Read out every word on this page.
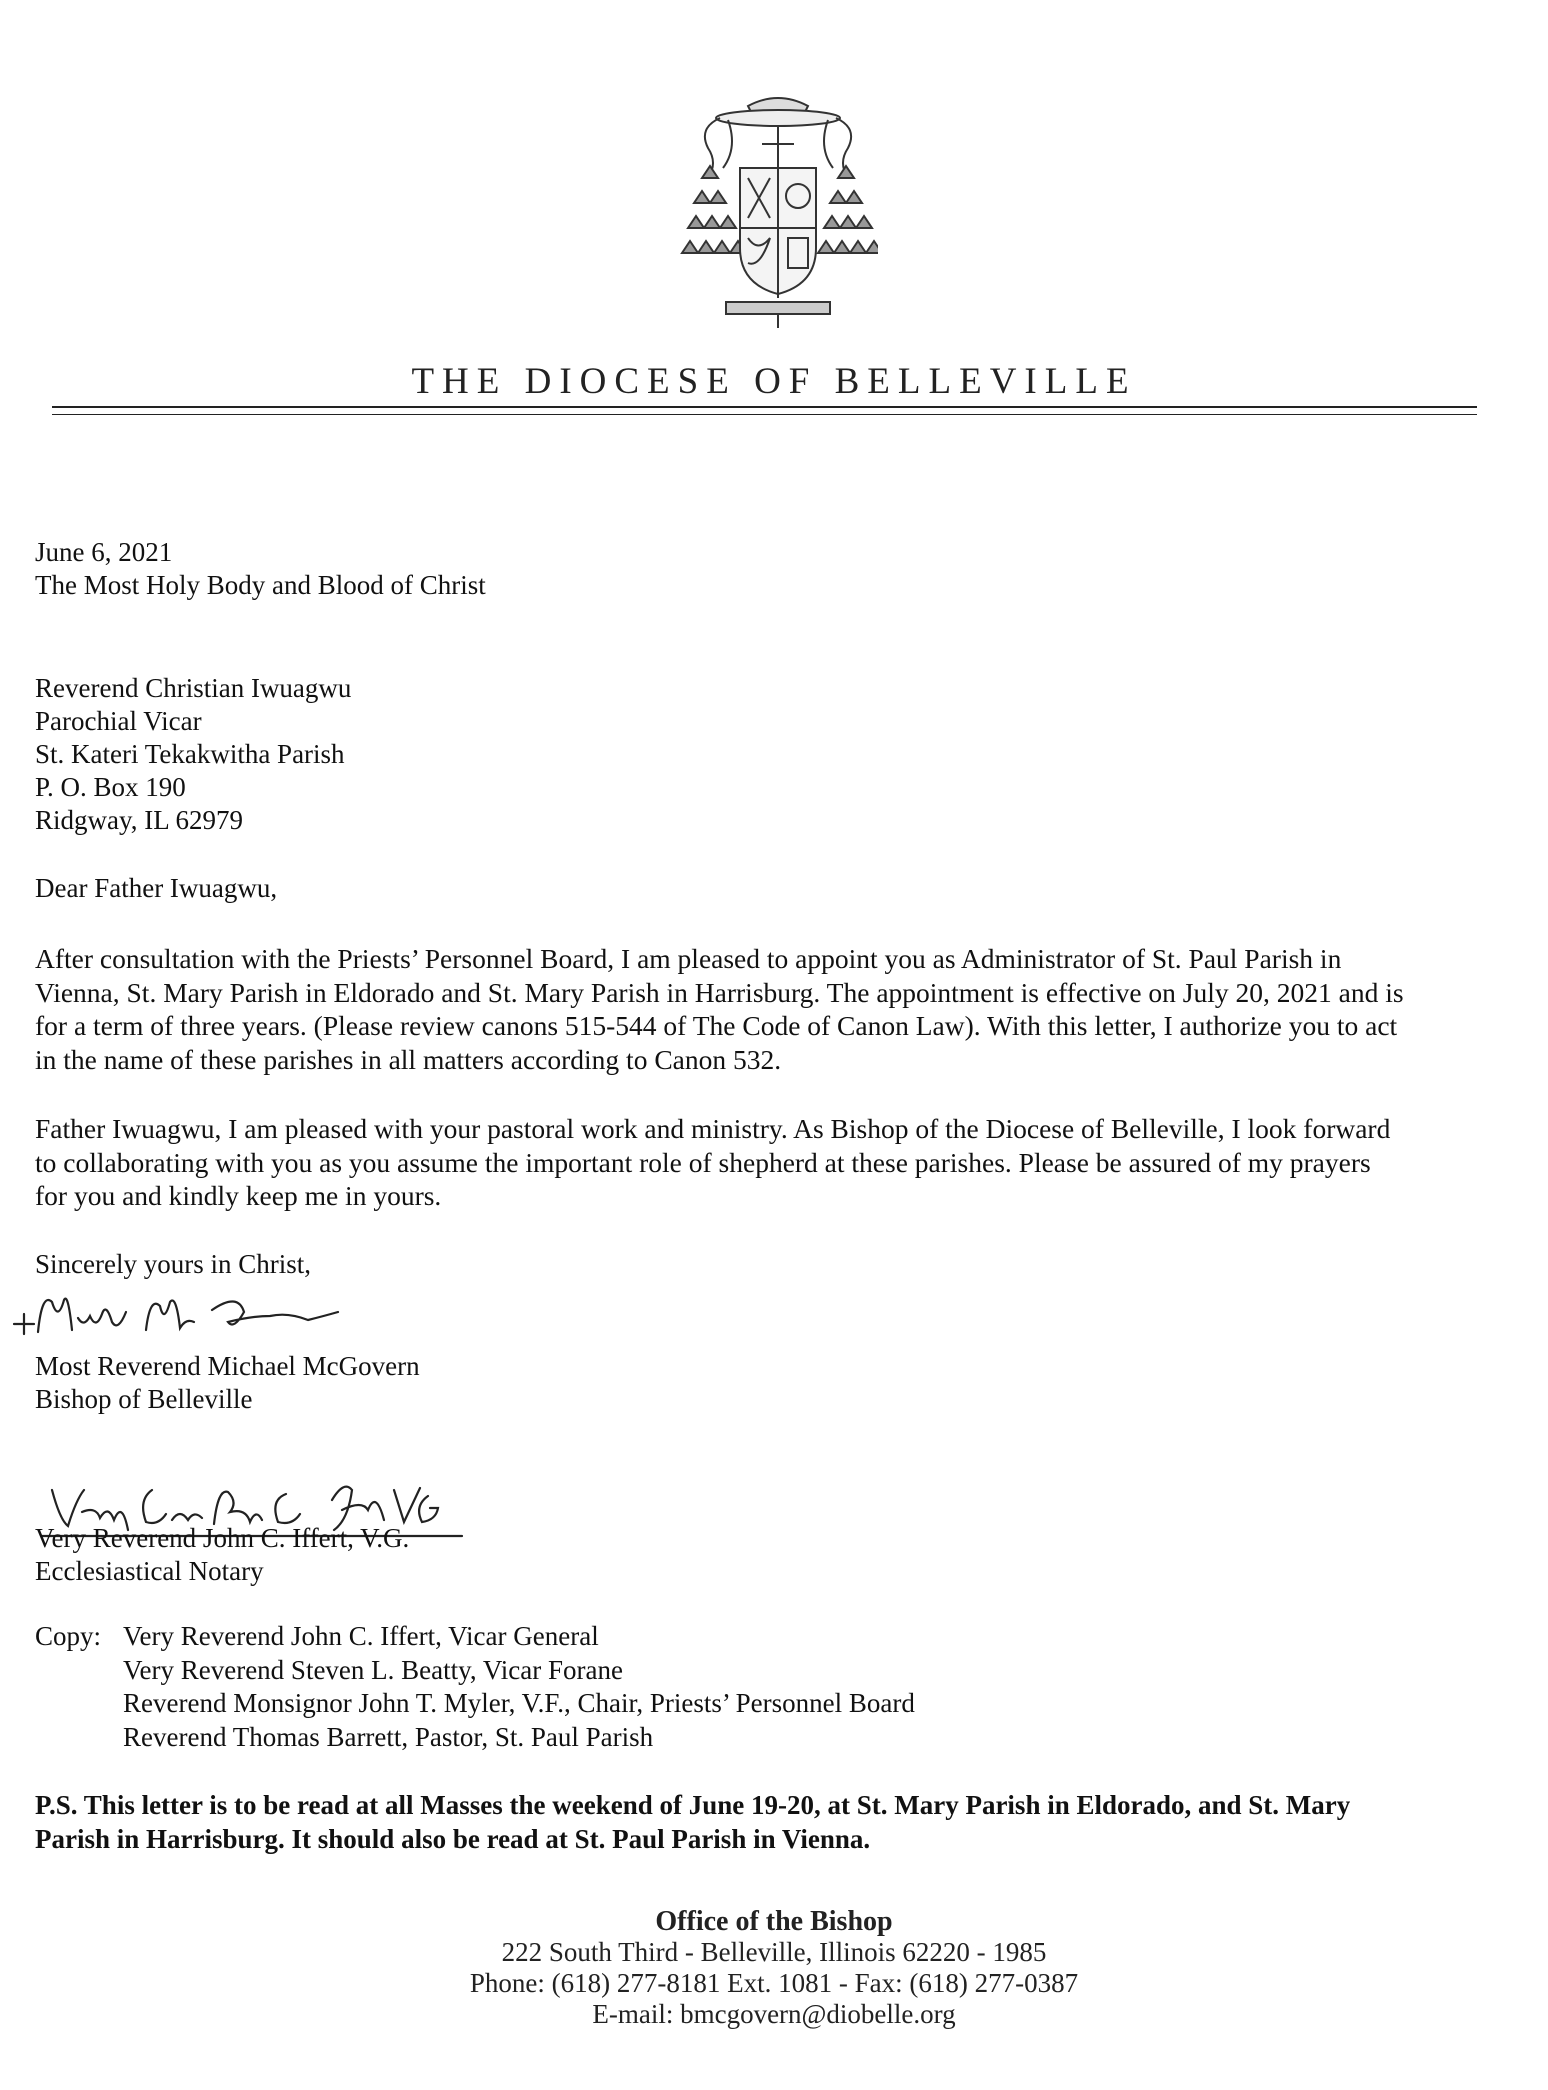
THE DIOCESE OF BELLEVILLE
June 6, 2021
The Most Holy Body and Blood of Christ
Reverend Christian Iwuagwu
Parochial Vicar
St. Kateri Tekakwitha Parish
P. O. Box 190
Ridgway, IL 62979
Dear Father Iwuagwu,
After consultation with the Priests’ Personnel Board, I am pleased to appoint you as Administrator of St. Paul Parish in
Vienna, St. Mary Parish in Eldorado and St. Mary Parish in Harrisburg. The appointment is effective on July 20, 2021 and is
for a term of three years. (Please review canons 515-544 of The Code of Canon Law). With this letter, I authorize you to act
in the name of these parishes in all matters according to Canon 532.
Father Iwuagwu, I am pleased with your pastoral work and ministry. As Bishop of the Diocese of Belleville, I look forward
to collaborating with you as you assume the important role of shepherd at these parishes. Please be assured of my prayers
for you and kindly keep me in yours.
Sincerely yours in Christ,
Most Reverend Michael McGovern
Bishop of Belleville
Very Reverend John C. Iffert, V.G.
Ecclesiastical Notary
Copy: Very Reverend John C. Iffert, Vicar General
Very Reverend Steven L. Beatty, Vicar Forane
Reverend Monsignor John T. Myler, V.F., Chair, Priests’ Personnel Board
Reverend Thomas Barrett, Pastor, St. Paul Parish
P.S. This letter is to be read at all Masses the weekend of June 19-20, at St. Mary Parish in Eldorado, and St. Mary
Parish in Harrisburg. It should also be read at St. Paul Parish in Vienna.
Office of the Bishop
222 South Third - Belleville, Illinois 62220 - 1985
Phone: (618) 277-8181 Ext. 1081 - Fax: (618) 277-0387
E-mail: bmcgovern@diobelle.org
